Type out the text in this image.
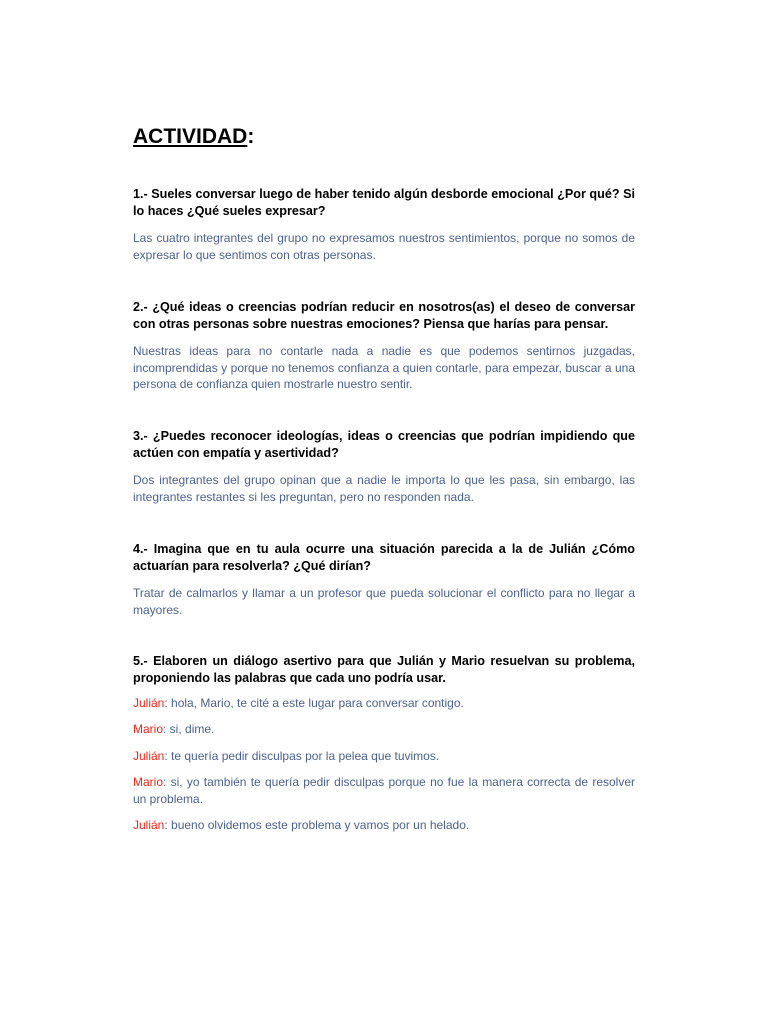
ACTIVIDAD:

1.- Sueles conversar luego de haber tenido algún desborde emocional ¿Por qué? Si lo haces ¿Qué sueles expresar?

Las cuatro integrantes del grupo no expresamos nuestros sentimientos, porque no somos de expresar lo que sentimos con otras personas.

2.- ¿Qué ideas o creencias podrían reducir en nosotros(as) el deseo de conversar con otras personas sobre nuestras emociones? Piensa que harías para pensar.

Nuestras ideas para no contarle nada a nadie es que podemos sentirnos juzgadas, incomprendidas y porque no tenemos confianza a quien contarle, para empezar, buscar a una persona de confianza quien mostrarle nuestro sentir.

3.- ¿Puedes reconocer ideologías, ideas o creencias que podrían impidiendo que actúen con empatía y asertividad?

Dos integrantes del grupo opinan que a nadie le importa lo que les pasa, sin embargo, las integrantes restantes si les preguntan, pero no responden nada.

4.- Imagina que en tu aula ocurre una situación parecida a la de Julián ¿Cómo actuarían para resolverla? ¿Qué dirían?

Tratar de calmarlos y llamar a un profesor que pueda solucionar el conflicto para no llegar a mayores.

5.- Elaboren un diálogo asertivo para que Julián y Mario resuelvan su problema, proponiendo las palabras que cada uno podría usar.

Julián: hola, Mario, te cité a este lugar para conversar contigo.

Mario: si, dime.

Julián: te quería pedir disculpas por la pelea que tuvimos.

Mario: si, yo también te quería pedir disculpas porque no fue la manera correcta de resolver un problema.

Julián: bueno olvidemos este problema y vamos por un helado.
